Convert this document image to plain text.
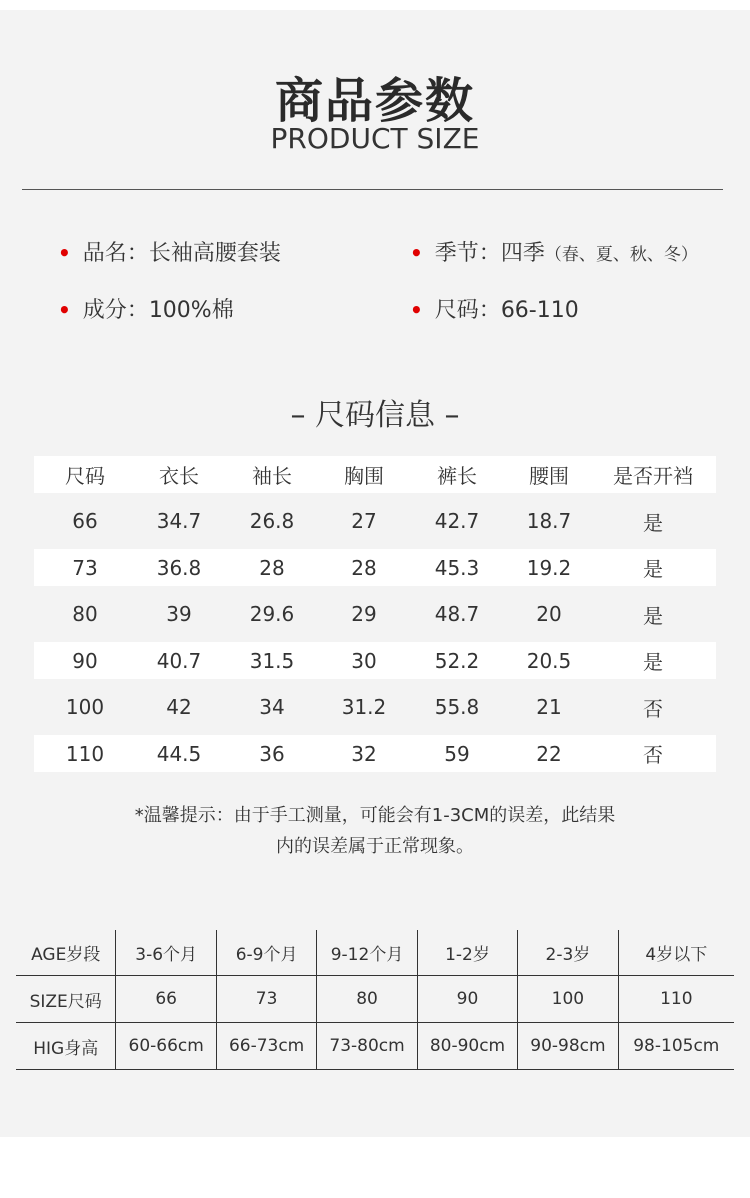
商品参数
PRODUCT SIZE
• 品名：长袖高腰套装	• 季节：四季（春、夏、秋、冬）
• 成分：100%棉	• 尺码：66-110
– 尺码信息 –
尺码	衣长	袖长	胸围	裤长	腰围	是否开裆
66	34.7	26.8	27	42.7	18.7	是
73	36.8	28	28	45.3	19.2	是
80	39	29.6	29	48.7	20	是
90	40.7	31.5	30	52.2	20.5	是
100	42	34	31.2	55.8	21	否
110	44.5	36	32	59	22	否
*温馨提示：由于手工测量，可能会有1-3CM的误差，此结果
内的误差属于正常现象。
AGE岁段	3-6个月	6-9个月	9-12个月	1-2岁	2-3岁	4岁以下
SIZE尺码	66	73	80	90	100	110
HIG身高	60-66cm	66-73cm	73-80cm	80-90cm	90-98cm	98-105cm
